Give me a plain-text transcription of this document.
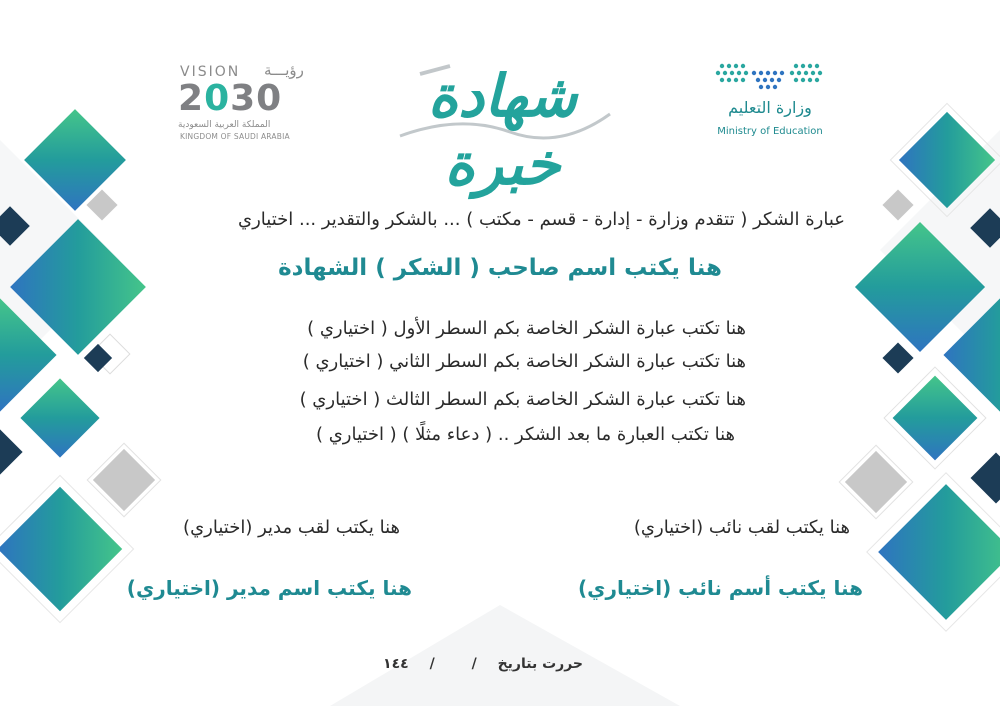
VISION رؤيـــة
2030
المملكة العربية السعودية
KINGDOM OF SAUDI ARABIA
شهادة خبرة
وزارة التعليم
Ministry of Education
عبارة الشكر ( تتقدم وزارة - إدارة - قسم - مكتب ) ... بالشكر والتقدير ... اختياري
هنا يكتب اسم صاحب ( الشكر ) الشهادة
هنا تكتب عبارة الشكر الخاصة بكم السطر الأول ( اختياري )
هنا تكتب عبارة الشكر الخاصة بكم السطر الثاني ( اختياري )
هنا تكتب عبارة الشكر الخاصة بكم السطر الثالث ( اختياري )
هنا تكتب العبارة ما بعد الشكر .. ( دعاء مثلًا ) ( اختياري )
هنا يكتب لقب نائب (اختياري)
هنا يكتب لقب مدير (اختياري)
هنا يكتب أسم نائب (اختياري)
هنا يكتب اسم مدير (اختياري)
حررت بتاريخ / / ١٤٤
